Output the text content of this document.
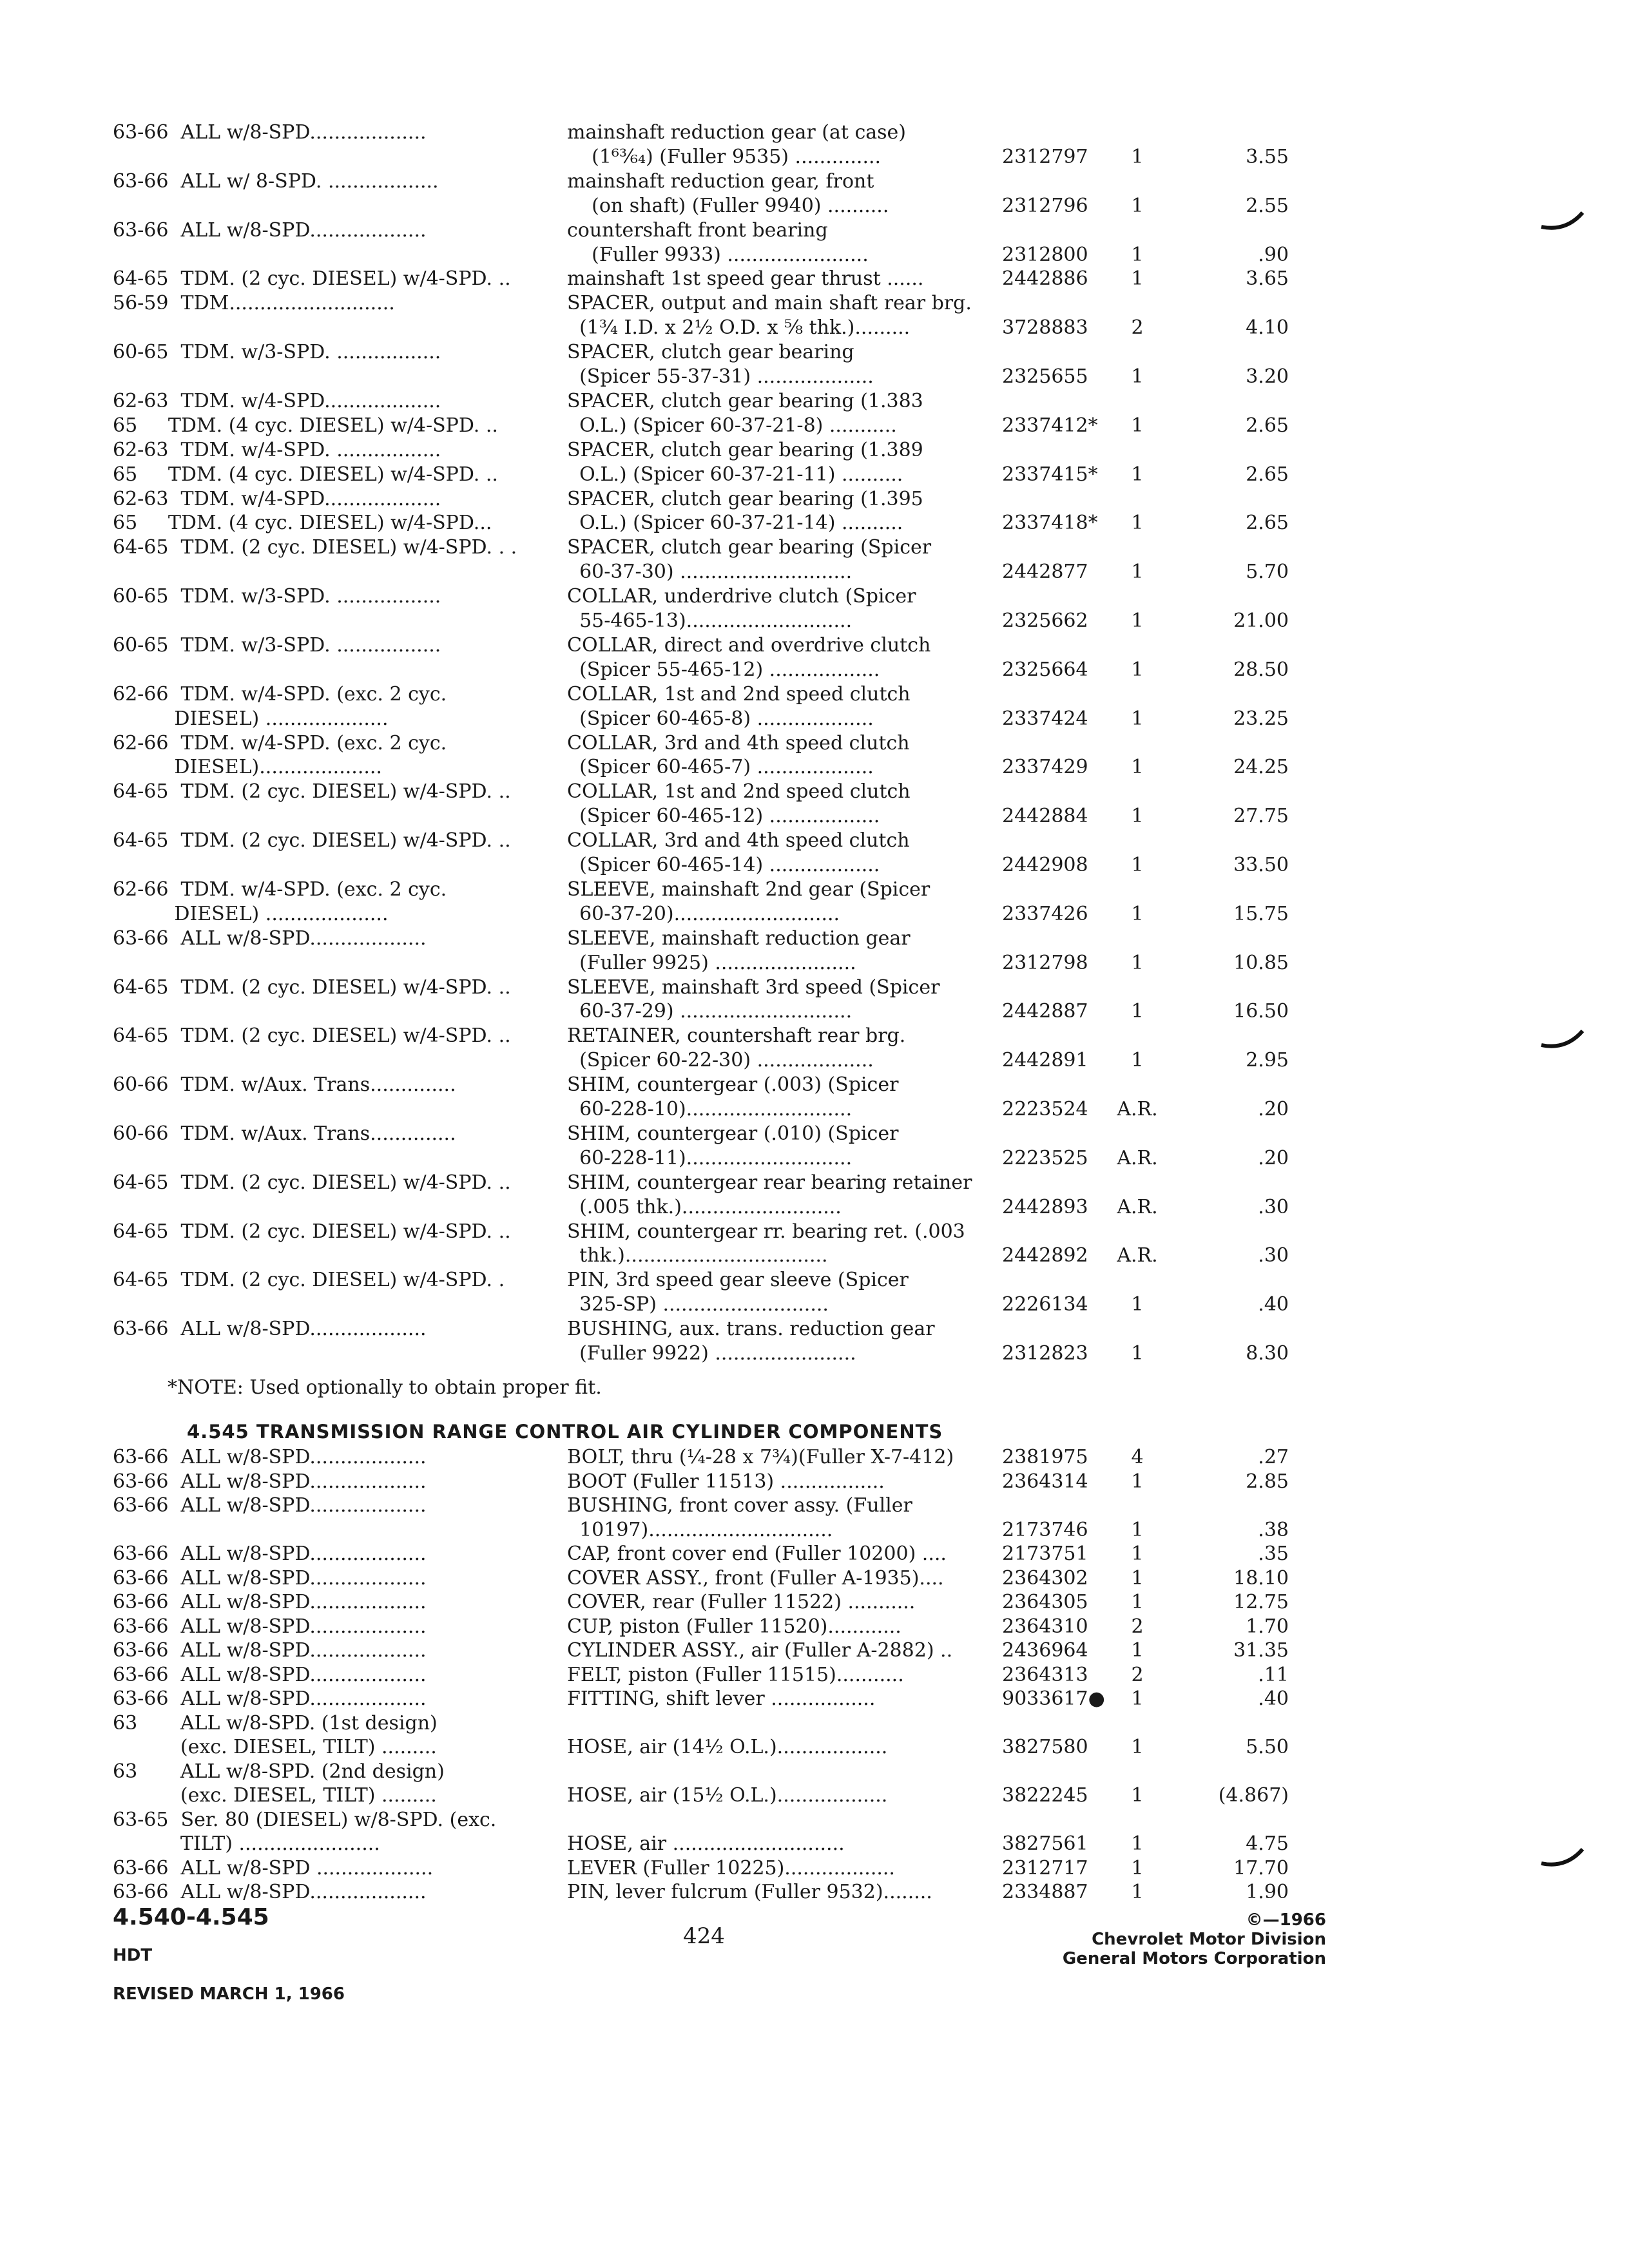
63-66  ALL w/8-SPD...................	mainshaft reduction gear (at case)
(1⁶³⁄₆₄) (Fuller 9535) ..............	2312797	1	3.55
63-66  ALL w/ 8-SPD. ..................	mainshaft reduction gear, front
(on shaft) (Fuller 9940) ..........	2312796	1	2.55
63-66  ALL w/8-SPD...................	countershaft front bearing
(Fuller 9933) .......................	2312800	1	.90
64-65  TDM. (2 cyc. DIESEL) w/4-SPD. ..	mainshaft 1st speed gear thrust ......	2442886	1	3.65
56-59  TDM...........................	SPACER, output and main shaft rear brg.
(1¾ I.D. x 2½ O.D. x ⅝ thk.).........	3728883	2	4.10
60-65  TDM. w/3-SPD. .................	SPACER, clutch gear bearing
(Spicer 55-37-31) ...................	2325655	1	3.20
62-63  TDM. w/4-SPD...................	SPACER, clutch gear bearing (1.383
65     TDM. (4 cyc. DIESEL) w/4-SPD. ..	O.L.) (Spicer 60-37-21-8) ...........	2337412*	1	2.65
62-63  TDM. w/4-SPD. .................	SPACER, clutch gear bearing (1.389
65     TDM. (4 cyc. DIESEL) w/4-SPD. ..	O.L.) (Spicer 60-37-21-11) ..........	2337415*	1	2.65
62-63  TDM. w/4-SPD...................	SPACER, clutch gear bearing (1.395
65     TDM. (4 cyc. DIESEL) w/4-SPD...	O.L.) (Spicer 60-37-21-14) ..........	2337418*	1	2.65
64-65  TDM. (2 cyc. DIESEL) w/4-SPD. . .	SPACER, clutch gear bearing (Spicer
60-37-30) ............................	2442877	1	5.70
60-65  TDM. w/3-SPD. .................	COLLAR, underdrive clutch (Spicer
55-465-13)...........................	2325662	1	21.00
60-65  TDM. w/3-SPD. .................	COLLAR, direct and overdrive clutch
(Spicer 55-465-12) ..................	2325664	1	28.50
62-66  TDM. w/4-SPD. (exc. 2 cyc.	COLLAR, 1st and 2nd speed clutch
DIESEL) ....................	(Spicer 60-465-8) ...................	2337424	1	23.25
62-66  TDM. w/4-SPD. (exc. 2 cyc.	COLLAR, 3rd and 4th speed clutch
DIESEL)....................	(Spicer 60-465-7) ...................	2337429	1	24.25
64-65  TDM. (2 cyc. DIESEL) w/4-SPD. ..	COLLAR, 1st and 2nd speed clutch
(Spicer 60-465-12) ..................	2442884	1	27.75
64-65  TDM. (2 cyc. DIESEL) w/4-SPD. ..	COLLAR, 3rd and 4th speed clutch
(Spicer 60-465-14) ..................	2442908	1	33.50
62-66  TDM. w/4-SPD. (exc. 2 cyc.	SLEEVE, mainshaft 2nd gear (Spicer
DIESEL) ....................	60-37-20)...........................	2337426	1	15.75
63-66  ALL w/8-SPD...................	SLEEVE, mainshaft reduction gear
(Fuller 9925) .......................	2312798	1	10.85
64-65  TDM. (2 cyc. DIESEL) w/4-SPD. ..	SLEEVE, mainshaft 3rd speed (Spicer
60-37-29) ............................	2442887	1	16.50
64-65  TDM. (2 cyc. DIESEL) w/4-SPD. ..	RETAINER, countershaft rear brg.
(Spicer 60-22-30) ...................	2442891	1	2.95
60-66  TDM. w/Aux. Trans..............	SHIM, countergear (.003) (Spicer
60-228-10)...........................	2223524	A.R.	.20
60-66  TDM. w/Aux. Trans..............	SHIM, countergear (.010) (Spicer
60-228-11)...........................	2223525	A.R.	.20
64-65  TDM. (2 cyc. DIESEL) w/4-SPD. ..	SHIM, countergear rear bearing retainer
(.005 thk.)..........................	2442893	A.R.	.30
64-65  TDM. (2 cyc. DIESEL) w/4-SPD. ..	SHIM, countergear rr. bearing ret. (.003
thk.).................................	2442892	A.R.	.30
64-65  TDM. (2 cyc. DIESEL) w/4-SPD. .	PIN, 3rd speed gear sleeve (Spicer
325-SP) ...........................	2226134	1	.40
63-66  ALL w/8-SPD...................	BUSHING, aux. trans. reduction gear
(Fuller 9922) .......................	2312823	1	8.30
*NOTE: Used optionally to obtain proper fit.
4.545 TRANSMISSION RANGE CONTROL AIR CYLINDER COMPONENTS
63-66  ALL w/8-SPD...................	BOLT, thru (¼-28 x 7¾)(Fuller X-7-412)	2381975	4	.27
63-66  ALL w/8-SPD...................	BOOT (Fuller 11513) .................	2364314	1	2.85
63-66  ALL w/8-SPD...................	BUSHING, front cover assy. (Fuller
10197)..............................	2173746	1	.38
63-66  ALL w/8-SPD...................	CAP, front cover end (Fuller 10200) ....	2173751	1	.35
63-66  ALL w/8-SPD...................	COVER ASSY., front (Fuller A-1935)....	2364302	1	18.10
63-66  ALL w/8-SPD...................	COVER, rear (Fuller 11522) ...........	2364305	1	12.75
63-66  ALL w/8-SPD...................	CUP, piston (Fuller 11520)............	2364310	2	1.70
63-66  ALL w/8-SPD...................	CYLINDER ASSY., air (Fuller A-2882) ..	2436964	1	31.35
63-66  ALL w/8-SPD...................	FELT, piston (Fuller 11515)...........	2364313	2	.11
63-66  ALL w/8-SPD...................	FITTING, shift lever .................	9033617●	1	.40
63       ALL w/8-SPD. (1st design)
(exc. DIESEL, TILT) .........	HOSE, air (14½ O.L.)..................	3827580	1	5.50
63       ALL w/8-SPD. (2nd design)
(exc. DIESEL, TILT) .........	HOSE, air (15½ O.L.)..................	3822245	1	(4.867)
63-65  Ser. 80 (DIESEL) w/8-SPD. (exc.
TILT) .......................	HOSE, air ............................	3827561	1	4.75
63-66  ALL w/8-SPD ...................	LEVER (Fuller 10225)..................	2312717	1	17.70
63-66  ALL w/8-SPD...................	PIN, lever fulcrum (Fuller 9532)........	2334887	1	1.90
4.540-4.545
HDT
REVISED MARCH 1, 1966
424
©—1966
Chevrolet Motor Division
General Motors Corporation
